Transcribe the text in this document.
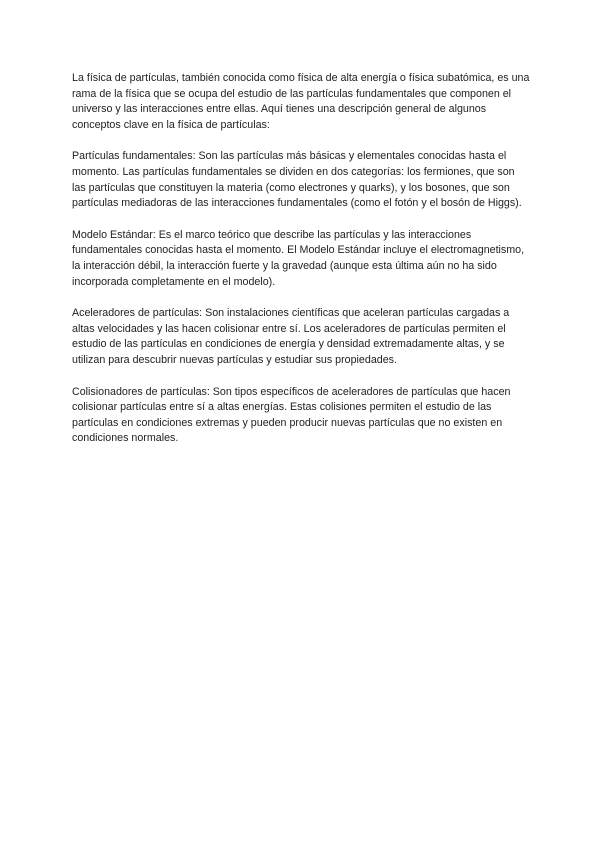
La física de partículas, también conocida como física de alta energía o física subatómica, es una rama de la física que se ocupa del estudio de las partículas fundamentales que componen el universo y las interacciones entre ellas. Aquí tienes una descripción general de algunos conceptos clave en la física de partículas:

Partículas fundamentales: Son las partículas más básicas y elementales conocidas hasta el momento. Las partículas fundamentales se dividen en dos categorías: los fermiones, que son las partículas que constituyen la materia (como electrones y quarks), y los bosones, que son partículas mediadoras de las interacciones fundamentales (como el fotón y el bosón de Higgs).

Modelo Estándar: Es el marco teórico que describe las partículas y las interacciones fundamentales conocidas hasta el momento. El Modelo Estándar incluye el electromagnetismo, la interacción débil, la interacción fuerte y la gravedad (aunque esta última aún no ha sido incorporada completamente en el modelo).

Aceleradores de partículas: Son instalaciones científicas que aceleran partículas cargadas a altas velocidades y las hacen colisionar entre sí. Los aceleradores de partículas permiten el estudio de las partículas en condiciones de energía y densidad extremadamente altas, y se utilizan para descubrir nuevas partículas y estudiar sus propiedades.

Colisionadores de partículas: Son tipos específicos de aceleradores de partículas que hacen colisionar partículas entre sí a altas energías. Estas colisiones permiten el estudio de las partículas en condiciones extremas y pueden producir nuevas partículas que no existen en condiciones normales.
